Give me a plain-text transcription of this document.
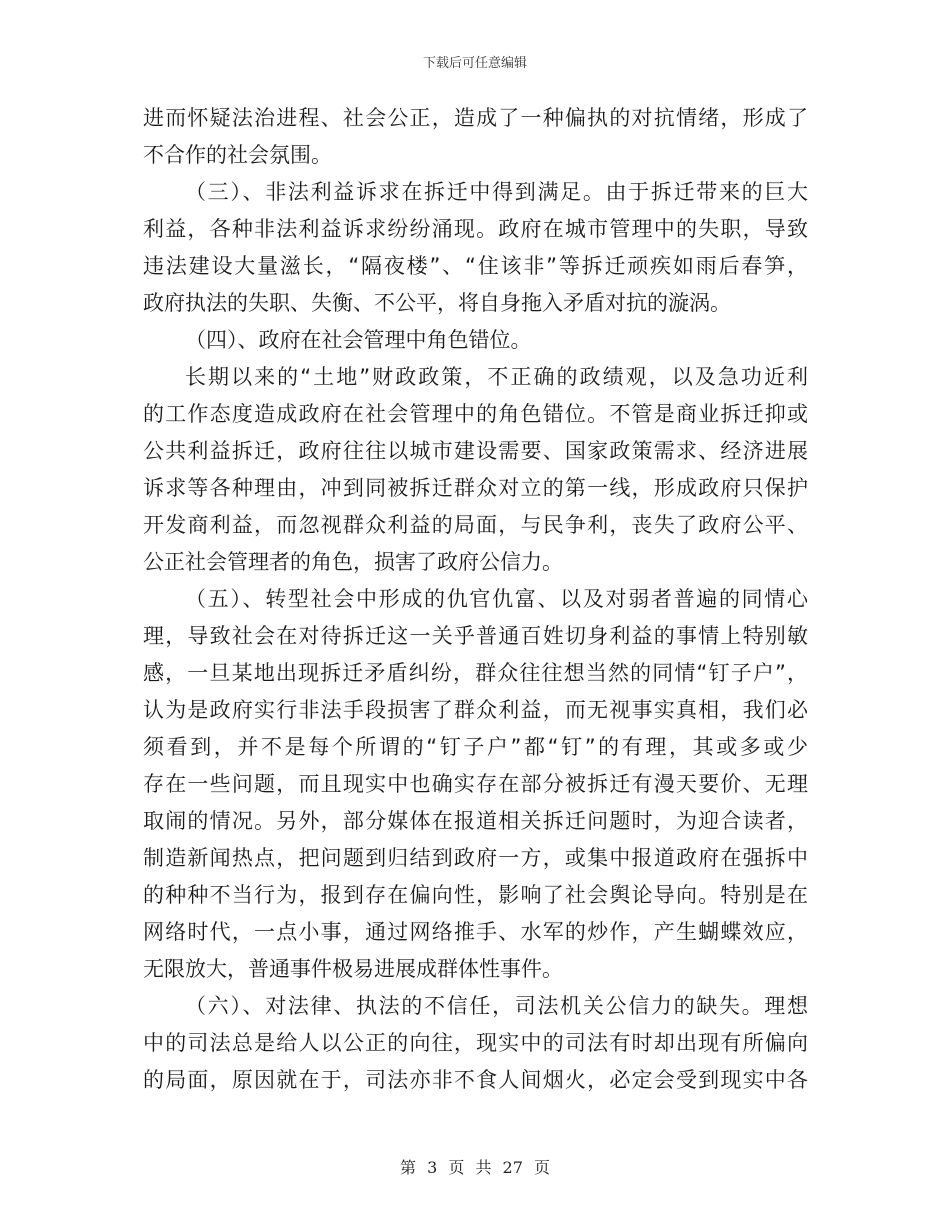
下载后可任意编辑
进而怀疑法治进程、社会公正，造成了一种偏执的对抗情绪，形成了
不合作的社会氛围。
（三）、非法利益诉求在拆迁中得到满足。由于拆迁带来的巨大
利益，各种非法利益诉求纷纷涌现。政府在城市管理中的失职，导致
违法建设大量滋长，“隔夜楼”、“住该非”等拆迁顽疾如雨后春笋，
政府执法的失职、失衡、不公平，将自身拖入矛盾对抗的漩涡。
（四）、政府在社会管理中角色错位。
长期以来的“土地”财政政策，不正确的政绩观，以及急功近利
的工作态度造成政府在社会管理中的角色错位。不管是商业拆迁抑或
公共利益拆迁，政府往往以城市建设需要、国家政策需求、经济进展
诉求等各种理由，冲到同被拆迁群众对立的第一线，形成政府只保护
开发商利益，而忽视群众利益的局面，与民争利，丧失了政府公平、
公正社会管理者的角色，损害了政府公信力。
（五）、转型社会中形成的仇官仇富、以及对弱者普遍的同情心
理，导致社会在对待拆迁这一关乎普通百姓切身利益的事情上特别敏
感，一旦某地出现拆迁矛盾纠纷，群众往往想当然的同情“钉子户”，
认为是政府实行非法手段损害了群众利益，而无视事实真相，我们必
须看到，并不是每个所谓的“钉子户”都“钉”的有理，其或多或少
存在一些问题，而且现实中也确实存在部分被拆迁有漫天要价、无理
取闹的情况。另外，部分媒体在报道相关拆迁问题时，为迎合读者，
制造新闻热点，把问题到归结到政府一方，或集中报道政府在强拆中
的种种不当行为，报到存在偏向性，影响了社会舆论导向。特别是在
网络时代，一点小事，通过网络推手、水军的炒作，产生蝴蝶效应，
无限放大，普通事件极易进展成群体性事件。
（六）、对法律、执法的不信任，司法机关公信力的缺失。理想
中的司法总是给人以公正的向往，现实中的司法有时却出现有所偏向
的局面，原因就在于，司法亦非不食人间烟火，必定会受到现实中各
第 3 页 共 27 页
